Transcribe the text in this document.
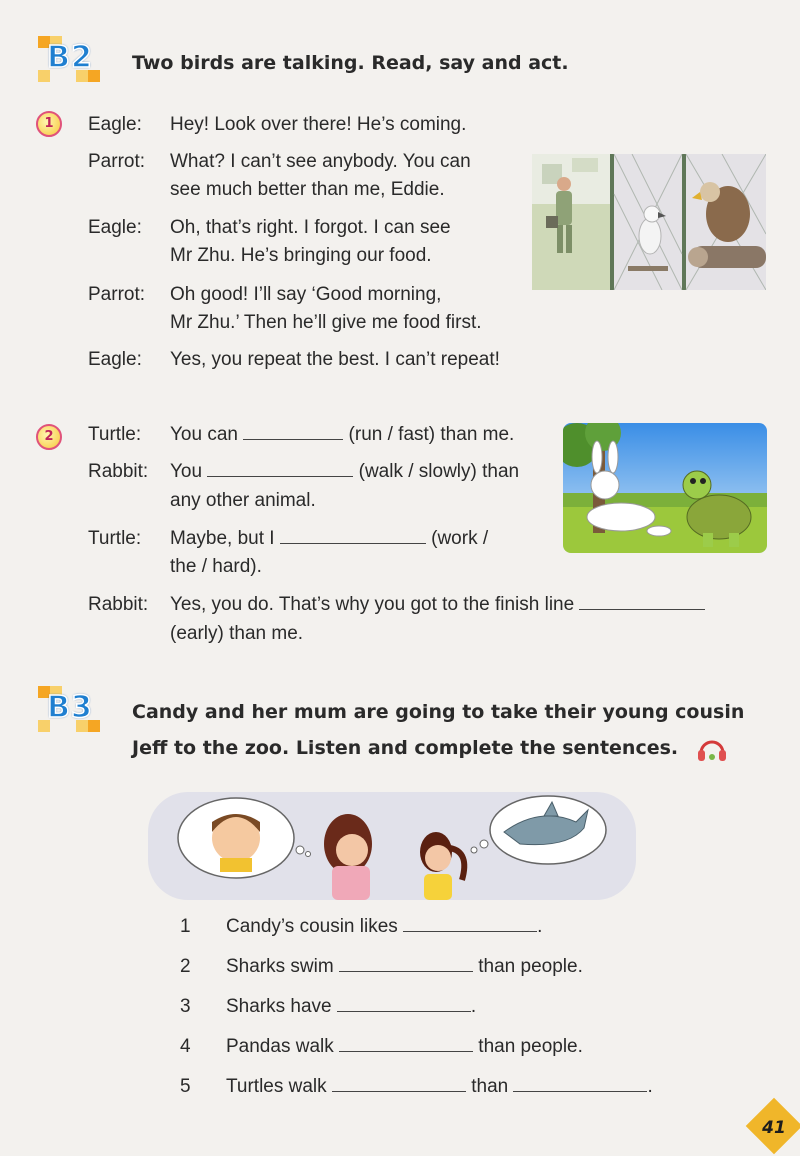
B2 Two birds are talking. Read, say and act.
1	Eagle: Hey! Look over there! He’s coming.
Parrot: What? I can’t see anybody. You can
see much better than me, Eddie.
Eagle: Oh, that’s right. I forgot. I can see
Mr Zhu. He’s bringing our food.
Parrot: Oh good! I’ll say ‘Good morning,
Mr Zhu.’ Then he’ll give me food first.
Eagle: Yes, you repeat the best. I can’t repeat!
2	Turtle: You can	(run / fast) than me.
Rabbit: You	(walk / slowly) than
any other animal.
Turtle: Maybe, but I	(work /
the / hard).
Rabbit: Yes, you do. That’s why you got to the finish line
(early) than me.
B3 Candy and her mum are going to take their young cousin
Jeff to the zoo. Listen and complete the sentences.
1 Candy’s cousin likes	.
2 Sharks swim	than people.
3 Sharks have	.
4 Pandas walk	than people.
5 Turtles walk	than	.
41
